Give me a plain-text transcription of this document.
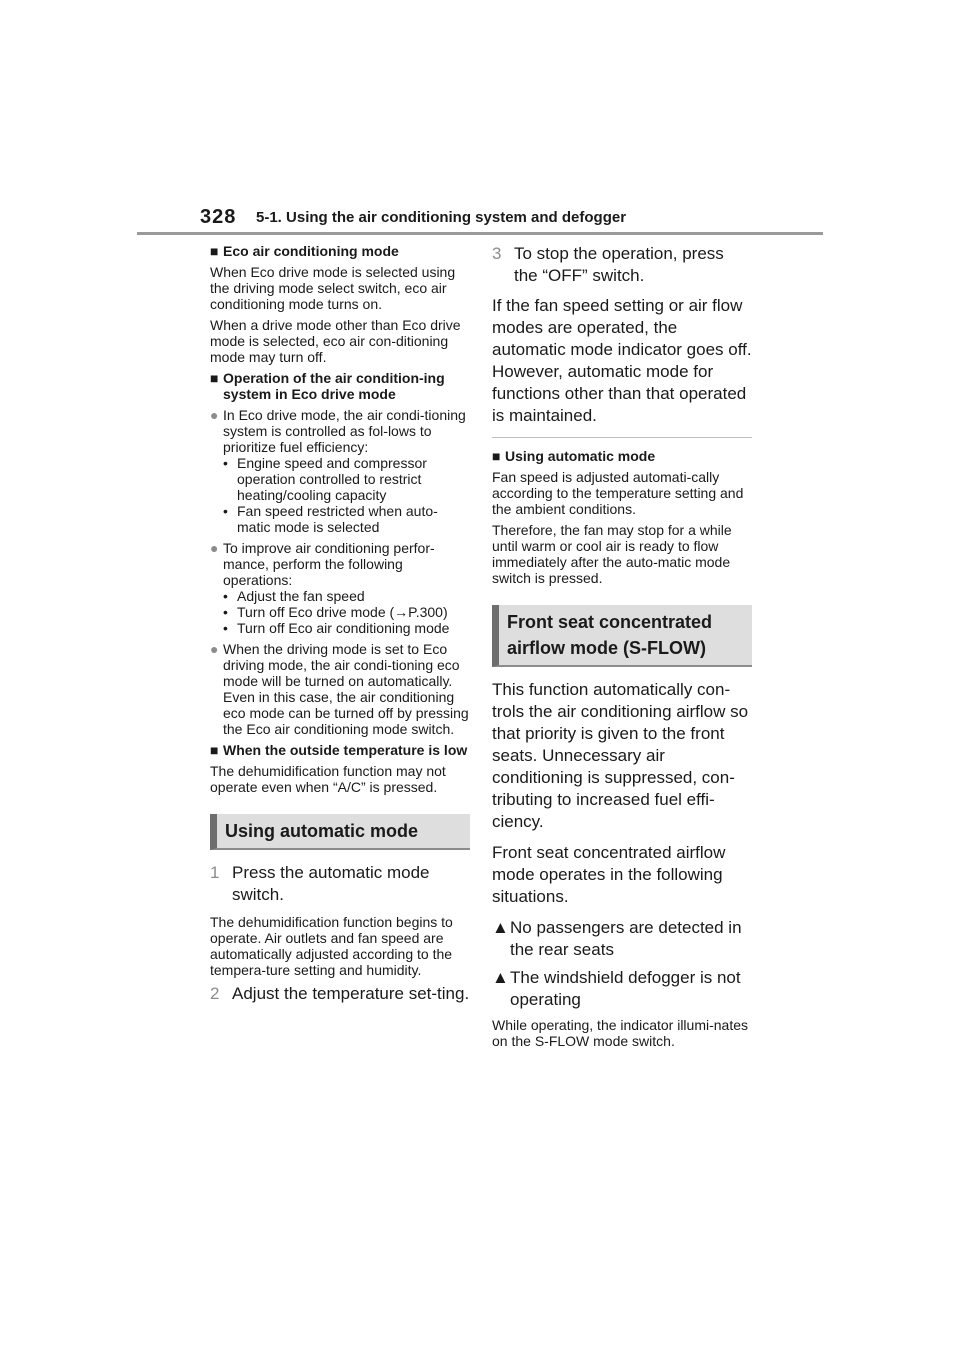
328 5-1. Using the air conditioning system and defogger
■ Eco air conditioning mode

When Eco drive mode is selected using the driving mode select switch, eco air conditioning mode turns on.

When a drive mode other than Eco drive mode is selected, eco air con-ditioning mode may turn off.

■ Operation of the air condition-ing system in Eco drive mode
● In Eco drive mode, the air condi-tioning system is controlled as fol-lows to prioritize fuel efficiency:
• Engine speed and compressor operation controlled to restrict heating/cooling capacity
• Fan speed restricted when auto-matic mode is selected
● To improve air conditioning perfor-mance, perform the following operations:
• Adjust the fan speed
• Turn off Eco drive mode (→P.300)
• Turn off Eco air conditioning mode
● When the driving mode is set to Eco driving mode, the air condi-tioning eco mode will be turned on automatically. Even in this case, the air conditioning eco mode can be turned off by pressing the Eco air conditioning mode switch.
■ When the outside temperature is low

The dehumidification function may not operate even when “A/C” is pressed.

Using automatic mode
1 Press the automatic mode switch.

The dehumidification function begins to operate. Air outlets and fan speed are automatically adjusted according to the tempera-ture setting and humidity.

2 Adjust the temperature set-ting.
3 To stop the operation, press the “OFF” switch.

If the fan speed setting or air flow modes are operated, the automatic mode indicator goes off. However, automatic mode for functions other than that operated is maintained.

■ Using automatic mode

Fan speed is adjusted automati-cally according to the temperature setting and the ambient conditions.

Therefore, the fan may stop for a while until warm or cool air is ready to flow immediately after the auto-matic mode switch is pressed.

Front seat concentrated airflow mode (S-FLOW)

This function automatically con-trols the air conditioning airflow so that priority is given to the front seats. Unnecessary air conditioning is suppressed, con-tributing to increased fuel effi-ciency.

Front seat concentrated airflow mode operates in the following situations.

▲ No passengers are detected in the rear seats
▲ The windshield defogger is not operating

While operating, the indicator illumi-nates on the S-FLOW mode switch.
